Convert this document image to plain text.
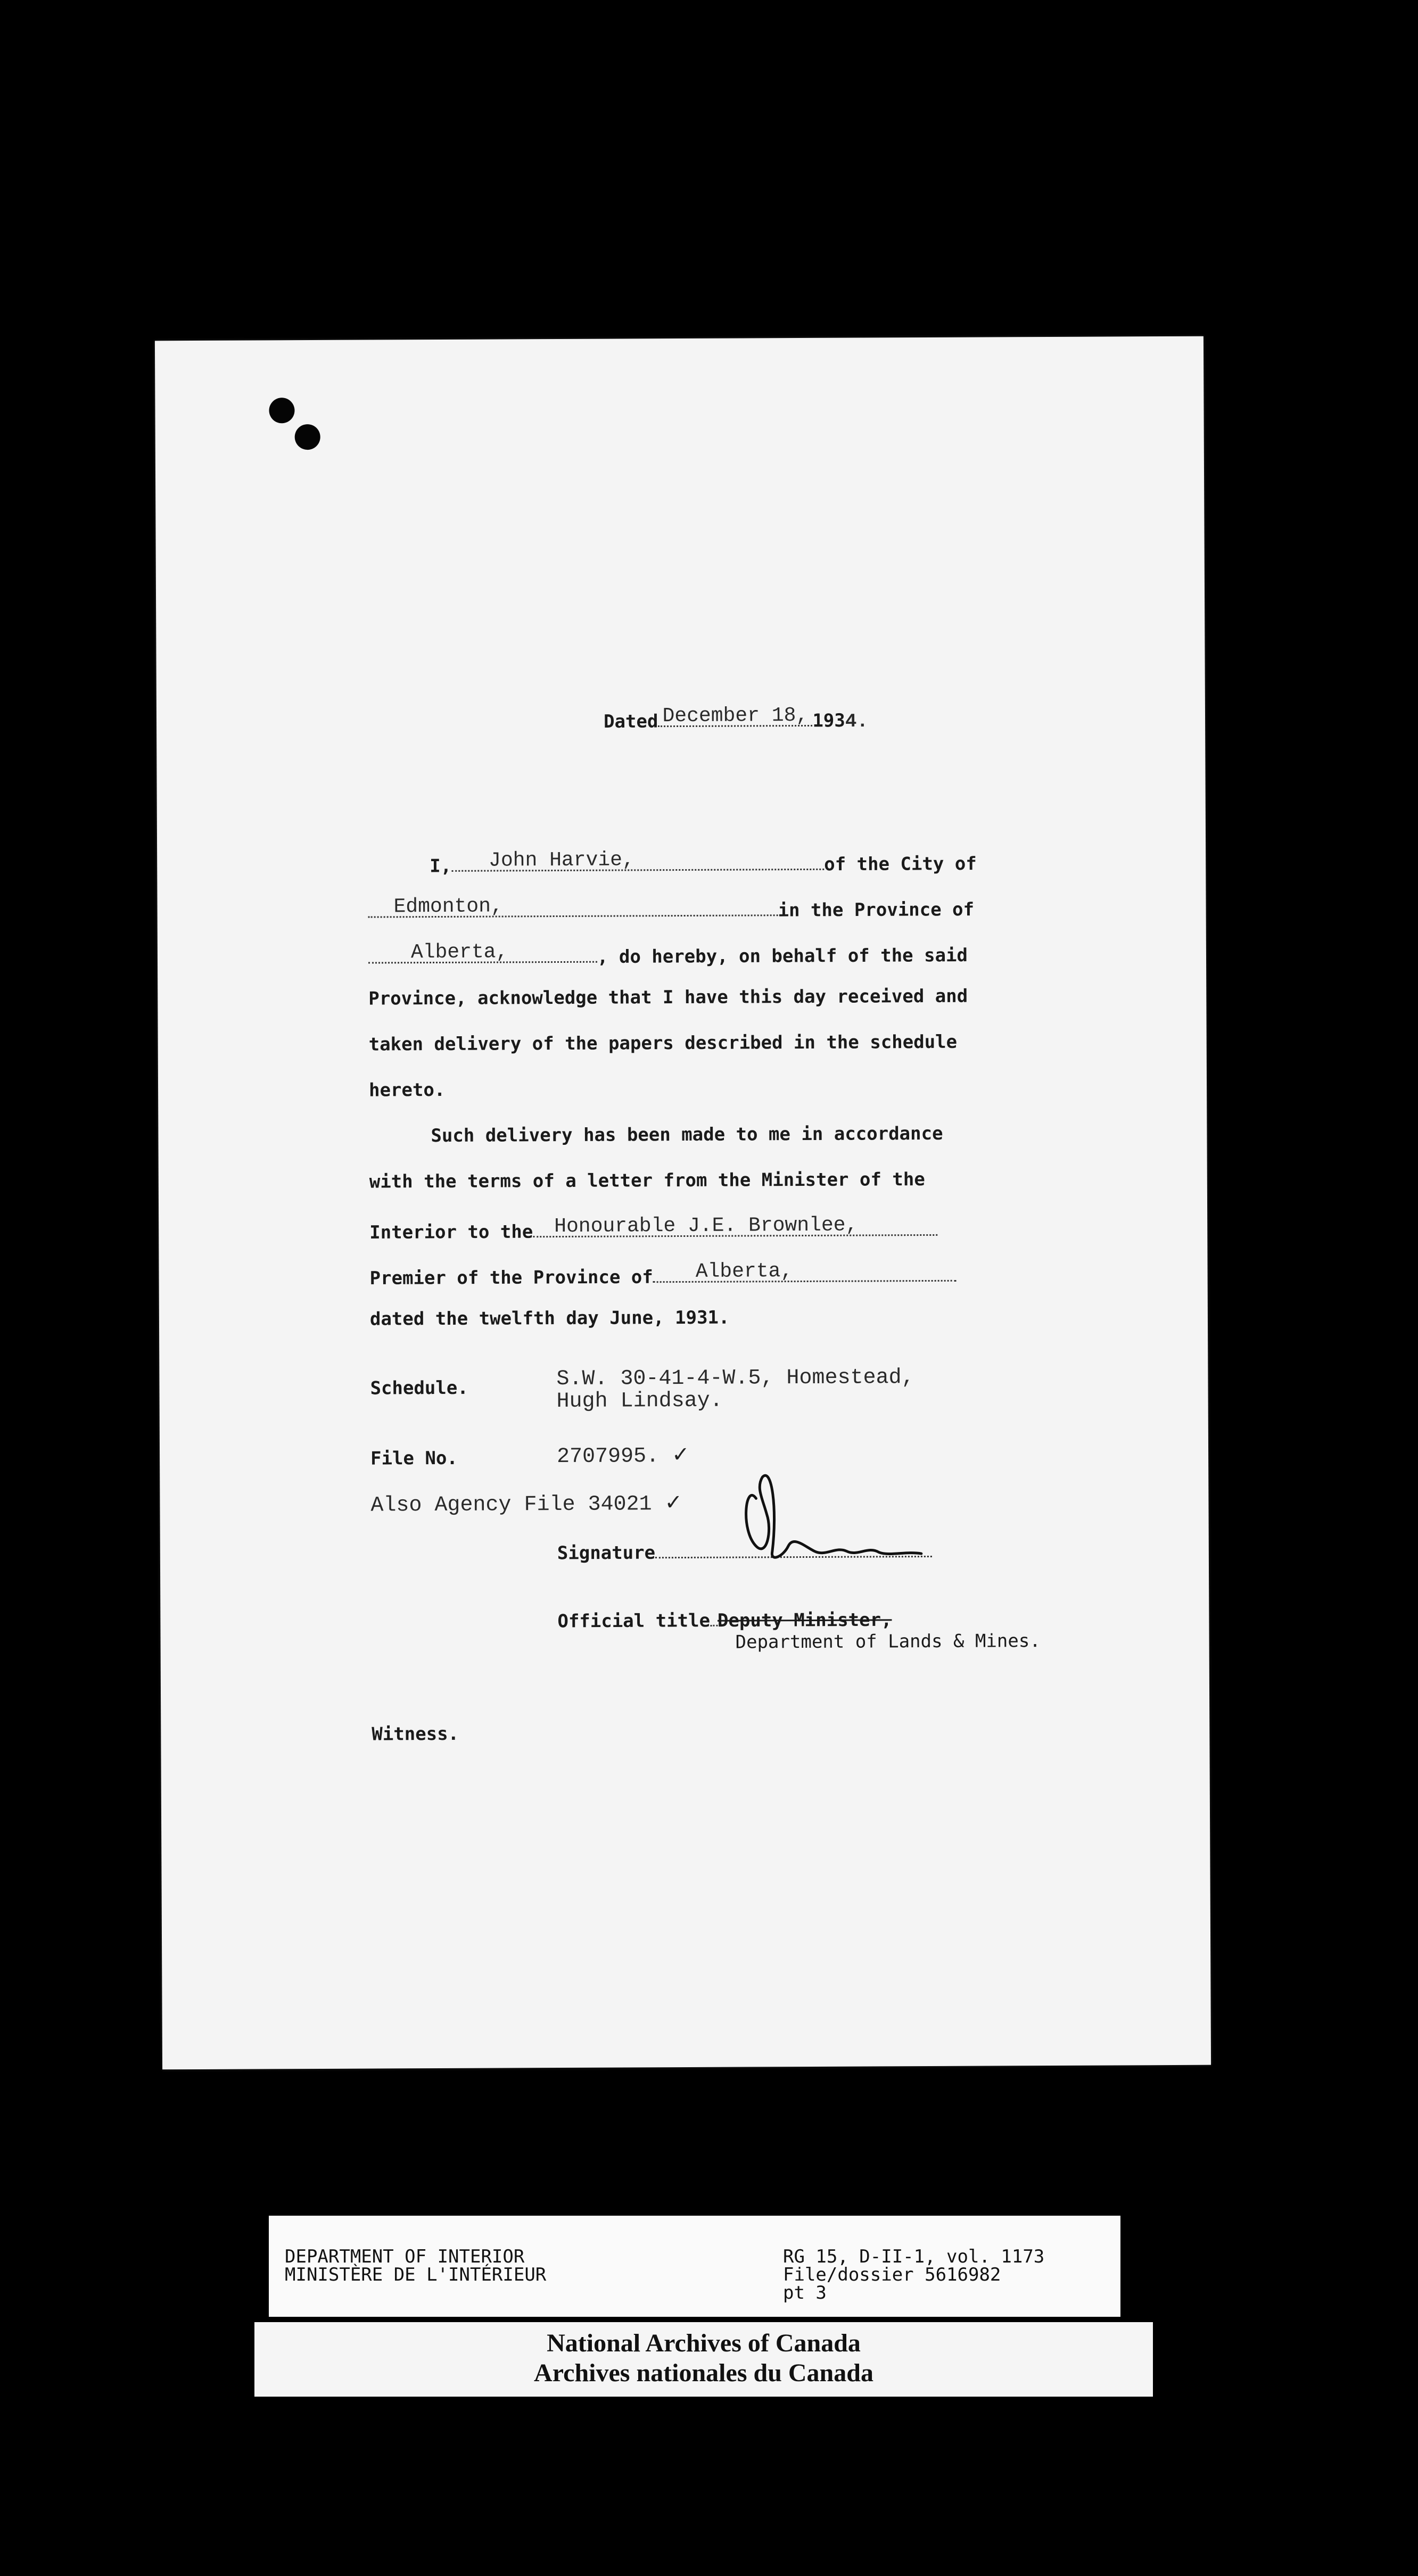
Dated December 18, 1934.
I,	John Harvie,	of the City of
Edmonton,	in the Province of
Alberta,	, do hereby, on behalf of the said
Province, acknowledge that I have this day received and
taken delivery of the papers described in the schedule
hereto.
Such delivery has been made to me in accordance
with the terms of a letter from the Minister of the
Interior to the	Honourable J.E. Brownlee,
Premier of the Province of	Alberta,
dated the twelfth day June, 1931.
Schedule.	S.W. 30-41-4-W.5, Homestead,
Hugh Lindsay.
File No.	2707995. ✓
Also Agency File 34021 ✓
Signature
Official title Deputy Minister,
Department of Lands & Mines.
Witness.
DEPARTMENT OF INTERIOR
MINISTÈRE DE L'INTÉRIEUR
RG 15, D-II-1, vol. 1173
File/dossier 5616982
pt 3
National Archives of Canada
Archives nationales du Canada
